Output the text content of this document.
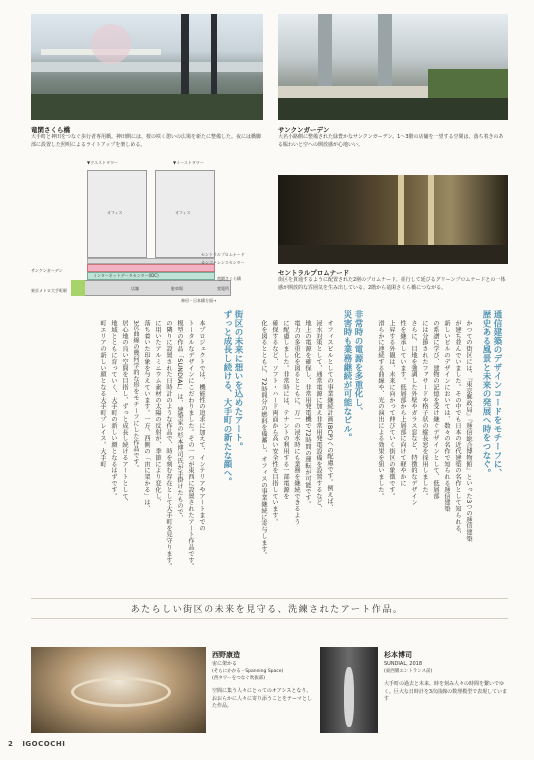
竜閑さくら橋
大手町と神田をつなぐ歩行者専用橋。神田側には、桜の咲く憩いの広場を新たに整備した。夜には橋脚部に設置した照明によるライトアップを楽しめる。
サンクンガーデン
大名小路側に整備された緑豊かなサンクンガーデン。1〜3階の店舗を一望する空間は、落ち着きのある賑わいと空への開放感が心地いい。
▼ウエストタワー	▼イーストタワー
オフィス	オフィス
セントラルプロムナード
カンファレンスセンター
インターネットデータセンター(IDC)
サンクンガーデン
竜閑さくら橋
店舗	駐車場	変電所
神田・日本橋方面→
東京メトロ大手町駅
セントラルプロムナード
街区を貫通するように配置された2層のプロムナード。並行して延びるグリーンプロムナードとの一体感が開放的な雰囲気を生み出している。2階から竜閑さくら橋につながる。
通信建築のデザインコードをモチーフに、
歴史ある風景と未来の発展へ時をつなぐ。
かつての街区には、『東京郵政局』『逓信総合博物館』といった3つの逓信建築
が建ち並んでいました。その中でも日本の近代建築の名作として知られる、
新しいビルのデザインにおいては、数々の名作で知られる逓信建築
の系譜に学び、建物の記憶を受け継ぐデザインとして、低層部
には分節されたファサードや格子状の縦長窓を採用しました。
さらに、目地を強調した外壁やガラス窓など、特徴的なデザイン
性を継承しています。低層部から上層部に向けて軽やかに
上昇する外観は、未来に向かって伸びていく街区の象徴です。
滑らかに連続する曲線や、光の演出による効果を狙いました。
非常時の電源を多重化し、
災害時も業務継続が可能なビル。
オフィスビルとしての事業継続計画(BCP)への配慮です。例えば、
浸水対策として、通常電源に加え非常用発電設備を設置するなど、
地上の電源を確保し、非常用発電機で72時間の運転が可能です。
電力の多重化を図るとともに、万一の浸水時にも業務を継続できるよう
に配慮しました。非常時には、テナントの利用する一部電源を
確保するなど、ソフト・ハード両面から高い安全性を目指しています。
化を図るとともに、72時間分の燃料を備蓄し、オフィスの事業継続に寄与します。
街区の未来に想いを込めたアート。
ずっと成長し続ける、大手町の新たな顔へ。
本プロジェクトでは、機能性の追求に加えて、インテリアやアートまでの
トータルなデザインにこだわりました。その一つが東西に設置されたアート作品です。
模型の作品「SUNDIAL」は、建築家の杉本博司氏が手掛けたもので、
の隣りに設置された日時計のような作品で、時を刻む存在として大手町を見守ります。
に用いたアルミニウム素材の太陽の反射が、季節により変化し、
落ち着いた印象を与えています。一方、西側の「宙に架かる」は、
3次曲線の幾何学的な形をモチーフにした作品です。
居心地の良い空間を目指し、ずっと成長し続けるアートとして、
地域とともに育っていく、大手町の新しい顔となるはずです。
町エリアの新しい顔となる大手町プレイス。大手町
あたらしい街区の未来を見守る、洗練されたアート作品。
西野康造
宙に架かる
(そらにかかる・Spanning Space)
(西タワーをつなぐ吹抜部)
空間に集う人々にとってのオアシスとなり、おおらかに人々に寄り添うことをテーマとした作品。
杉本博司
SUNDIAL, 2018
(東西側エントランス前)
大手町の過去と未来、時を刻み人々の時間を繋いでゆく。巨大な日時計を3次曲線の数理模型で表現しています
2 IGOCOCHI
